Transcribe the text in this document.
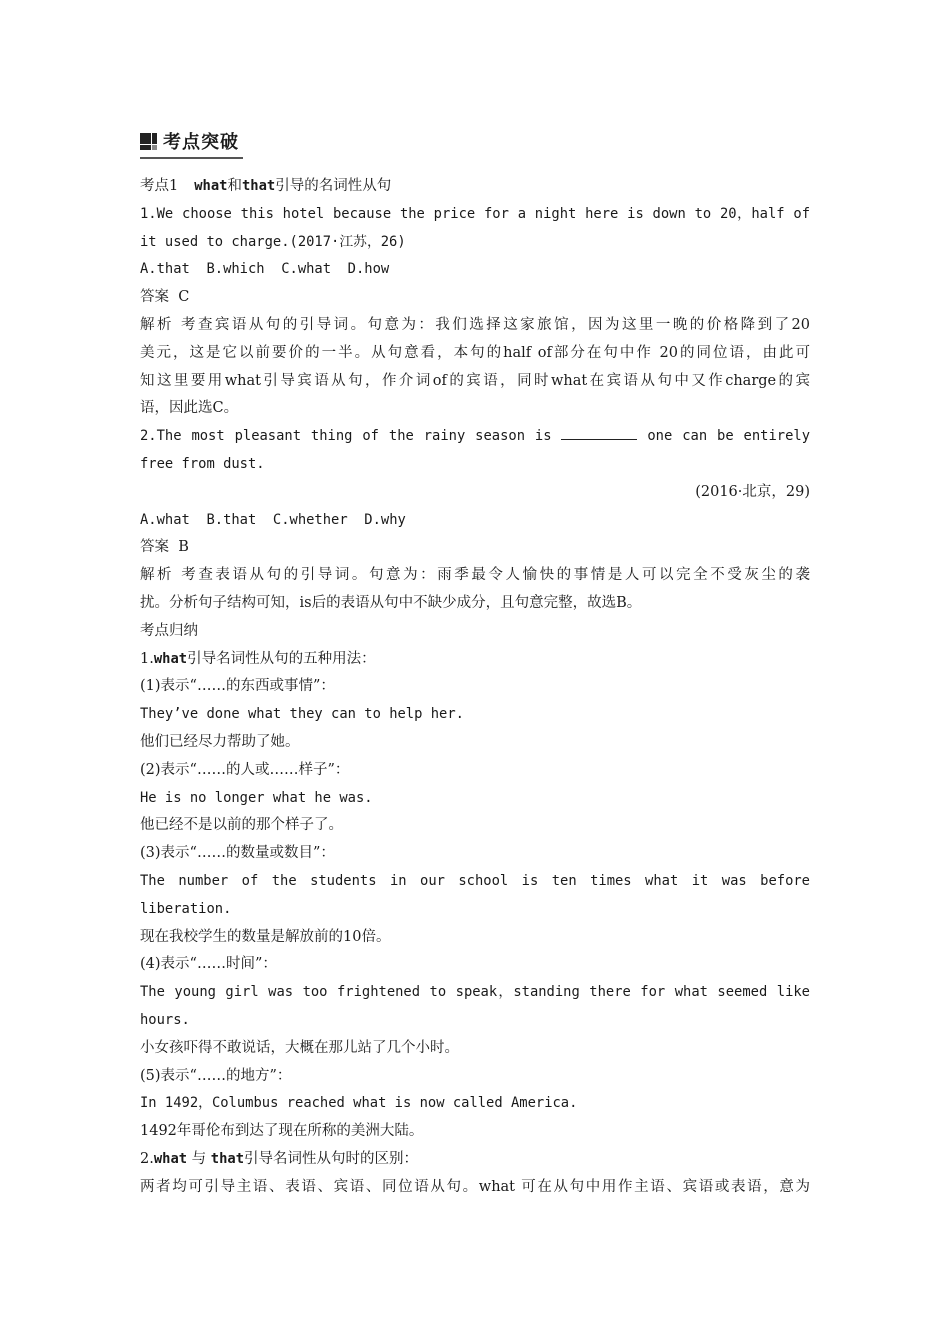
考点突破
考点1 what和that引导的名词性从句
1.We choose this hotel because the price for a night here is down to 20，half of
it used to charge.(2017·江苏，26)
A.that  B.which  C.what  D.how
答案  C
解析 考查宾语从句的引导词。句意为：我们选择这家旅馆，因为这里一晚的价格降到了20
美元，这是它以前要价的一半。从句意看，本句的half of部分在句中作 20的同位语，由此可
知这里要用what引导宾语从句，作介词of的宾语，同时what在宾语从句中又作charge的宾
语，因此选C。
2.The most pleasant thing of the rainy season is	one can be entirely
free from dust.
(2016·北京，29)
A.what  B.that  C.whether  D.why
答案  B
解析 考查表语从句的引导词。句意为：雨季最令人愉快的事情是人可以完全不受灰尘的袭
扰。分析句子结构可知，is后的表语从句中不缺少成分，且句意完整，故选B。
考点归纳
1.what引导名词性从句的五种用法：
(1)表示“……的东西或事情”：
They’ve done what they can to help her.
他们已经尽力帮助了她。
(2)表示“……的人或……样子”：
He is no longer what he was.
他已经不是以前的那个样子了。
(3)表示“……的数量或数目”：
The number of the students in our school is ten times what it was before
liberation.
现在我校学生的数量是解放前的10倍。
(4)表示“……时间”：
The young girl was too frightened to speak，standing there for what seemed like
hours.
小女孩吓得不敢说话，大概在那儿站了几个小时。
(5)表示“……的地方”：
In 1492，Columbus reached what is now called America.
1492年哥伦布到达了现在所称的美洲大陆。
2.what 与 that引导名词性从句时的区别：
两者均可引导主语、表语、宾语、同位语从句。what 可在从句中用作主语、宾语或表语，意为
